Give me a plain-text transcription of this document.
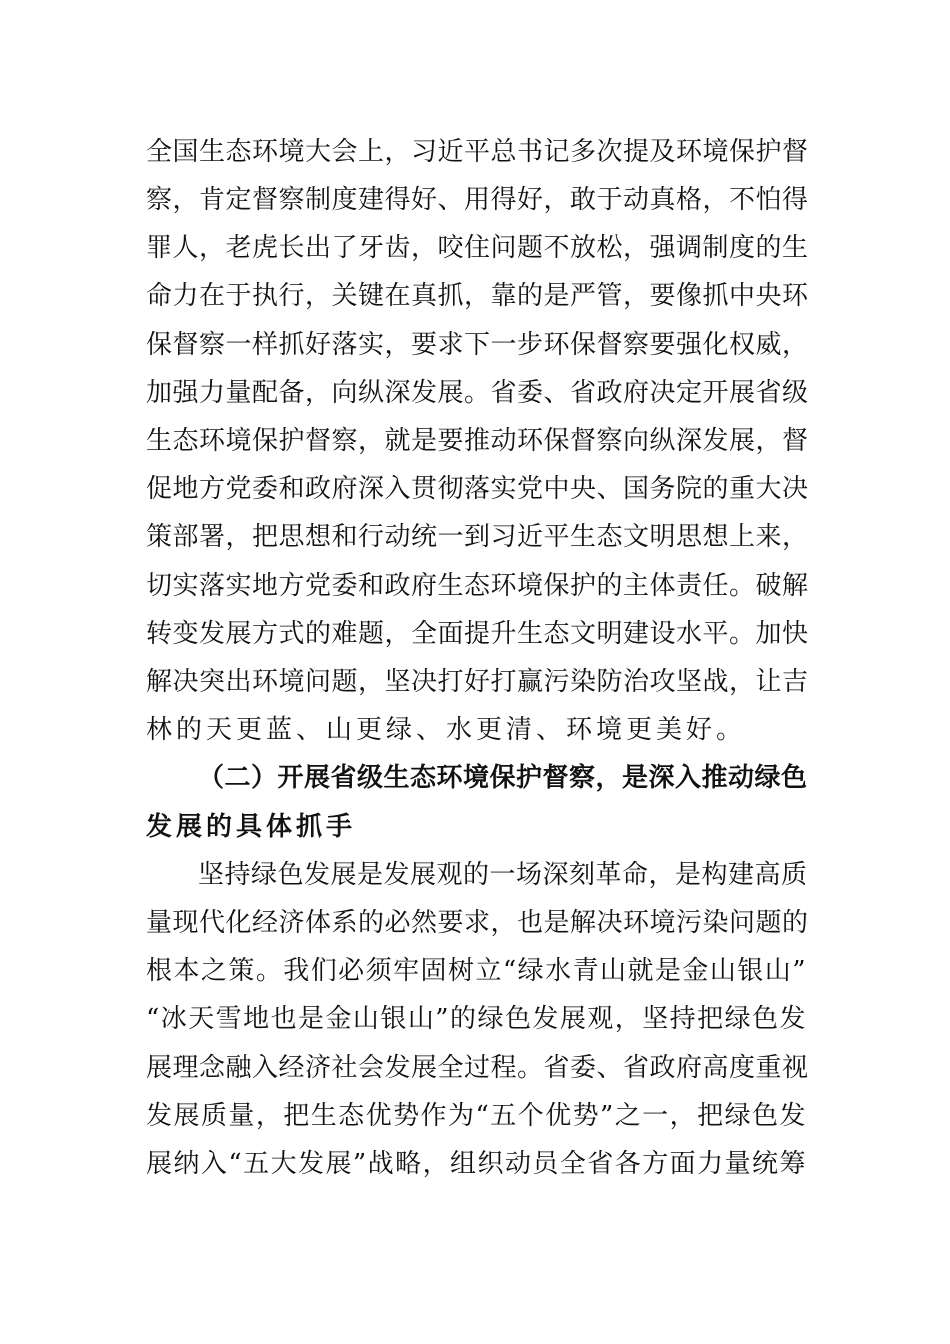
全国生态环境大会上，习近平总书记多次提及环境保护督
察，肯定督察制度建得好、用得好，敢于动真格，不怕得
罪人，老虎长出了牙齿，咬住问题不放松，强调制度的生
命力在于执行，关键在真抓，靠的是严管，要像抓中央环
保督察一样抓好落实，要求下一步环保督察要强化权威，
加强力量配备，向纵深发展。省委、省政府决定开展省级
生态环境保护督察，就是要推动环保督察向纵深发展，督
促地方党委和政府深入贯彻落实党中央、国务院的重大决
策部署，把思想和行动统一到习近平生态文明思想上来，
切实落实地方党委和政府生态环境保护的主体责任。破解
转变发展方式的难题，全面提升生态文明建设水平。加快
解决突出环境问题，坚决打好打赢污染防治攻坚战，让吉
林的天更蓝、山更绿、水更清、环境更美好。
（二）开展省级生态环境保护督察，是深入推动绿色
发展的具体抓手
坚持绿色发展是发展观的一场深刻革命，是构建高质
量现代化经济体系的必然要求，也是解决环境污染问题的
根本之策。我们必须牢固树立“绿水青山就是金山银山”
“冰天雪地也是金山银山”的绿色发展观，坚持把绿色发
展理念融入经济社会发展全过程。省委、省政府高度重视
发展质量，把生态优势作为“五个优势”之一，把绿色发
展纳入“五大发展”战略，组织动员全省各方面力量统筹
